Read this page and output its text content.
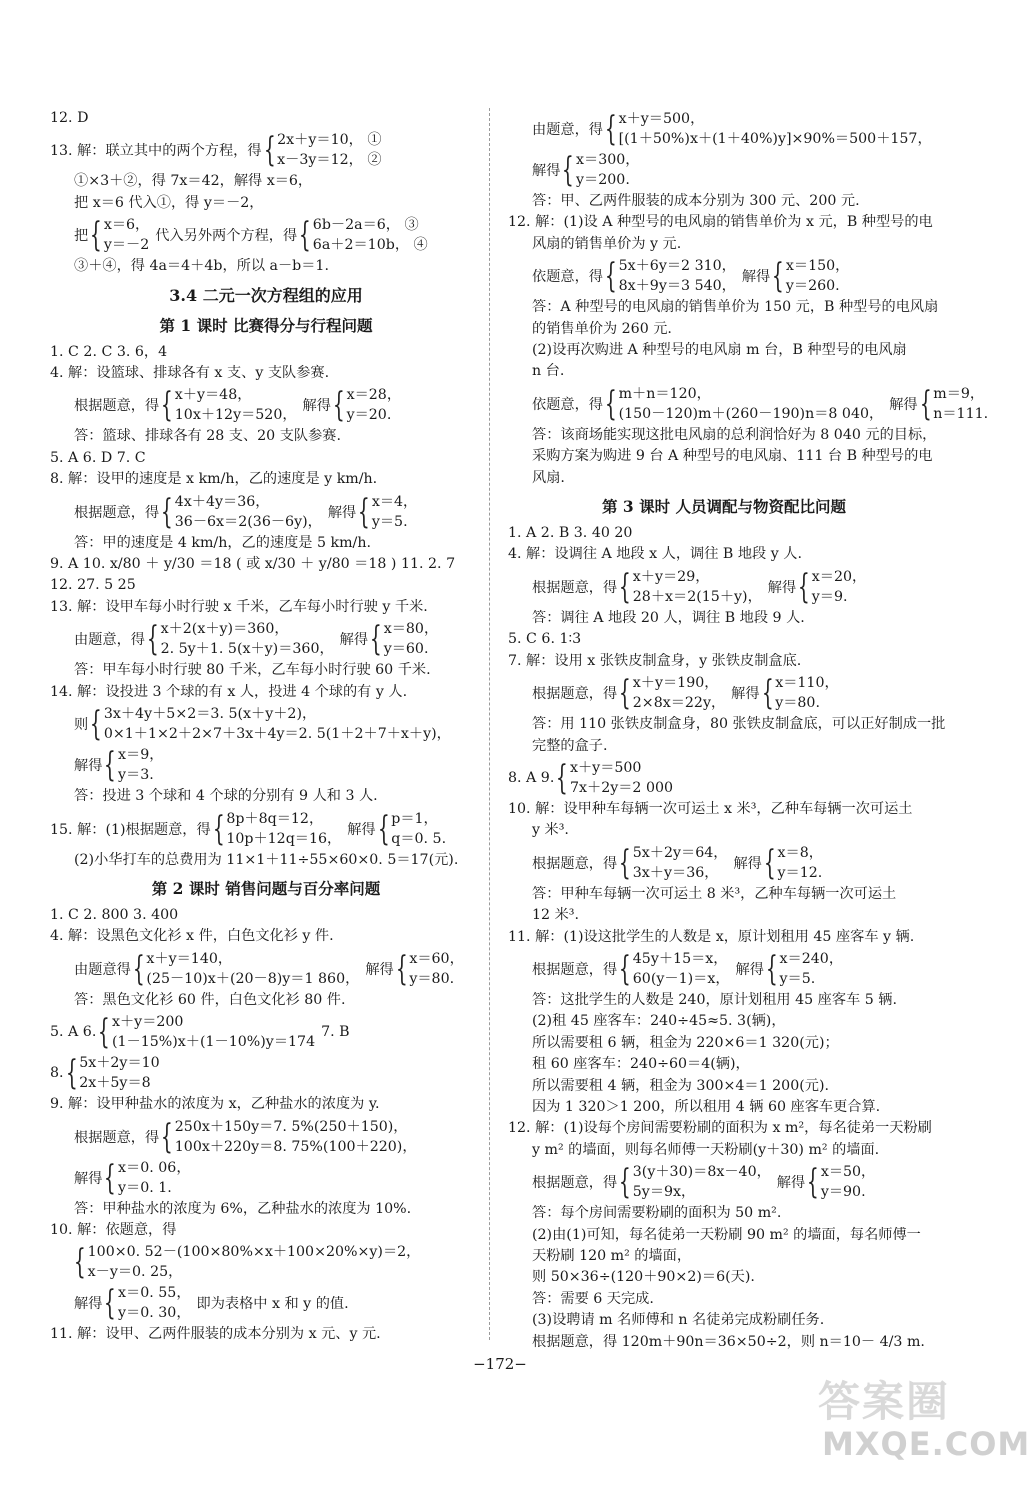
12. D
13. 解：联立其中的两个方程，得 { 2x＋y＝10， ①
x－3y＝12， ②
①×3＋②，得 7x＝42，解得 x＝6，
把 x＝6 代入①，得 y＝－2，
把 { x＝6，
y＝－2
代入另外两个方程，得 { 6b－2a＝6， ③
6a＋2＝10b， ④
③＋④，得 4a＝4＋4b，所以 a－b＝1.
3.4 二元一次方程组的应用
第 1 课时 比赛得分与行程问题
1. C 2. C 3. 6，4
4. 解：设篮球、排球各有 x 支、y 支队参赛.
根据题意，得 { x＋y＝48，
10x＋12y＝520，
解得 { x＝28，
y＝20.
答：篮球、排球各有 28 支、20 支队参赛.
5. A 6. D 7. C
8. 解：设甲的速度是 x km/h，乙的速度是 y km/h.
根据题意，得 { 4x＋4y＝36，
36－6x＝2(36－6y)，
解得 { x＝4，
y＝5.
答：甲的速度是 4 km/h，乙的速度是 5 km/h.
9. A 10. x/80 ＋ y/30 ＝18 ( 或 x/30 ＋ y/80 ＝18 ) 11. 2. 7
12. 27. 5 25
13. 解：设甲车每小时行驶 x 千米，乙车每小时行驶 y 千米.
由题意，得 { x＋2(x＋y)＝360，
2. 5y＋1. 5(x＋y)＝360，
解得 { x＝80，
y＝60.
答：甲车每小时行驶 80 千米，乙车每小时行驶 60 千米.
14. 解：设投进 3 个球的有 x 人，投进 4 个球的有 y 人.
则 { 3x＋4y＋5×2＝3. 5(x＋y＋2)，
0×1＋1×2＋2×7＋3x＋4y＝2. 5(1＋2＋7＋x＋y)，
解得 { x＝9，
y＝3.
答：投进 3 个球和 4 个球的分别有 9 人和 3 人.
15. 解：(1)根据题意，得 { 8p＋8q＝12，
10p＋12q＝16，
解得 { p＝1，
q＝0. 5.
(2)小华打车的总费用为 11×1＋11÷55×60×0. 5＝17(元).
第 2 课时 销售问题与百分率问题
1. C 2. 800 3. 400
4. 解：设黑色文化衫 x 件，白色文化衫 y 件.
由题意得 { x＋y＝140，
(25－10)x＋(20－8)y＝1 860，
解得 { x＝60，
y＝80.
答：黑色文化衫 60 件，白色文化衫 80 件.
5. A 6. { x＋y＝200
(1－15%)x＋(1－10%)y＝174
7. B
8. { 5x＋2y＝10
2x＋5y＝8
9. 解：设甲种盐水的浓度为 x，乙种盐水的浓度为 y.
根据题意，得 { 250x＋150y＝7. 5%(250＋150)，
100x＋220y＝8. 75%(100＋220)，
解得 { x＝0. 06，
y＝0. 1.
答：甲种盐水的浓度为 6%，乙种盐水的浓度为 10%.
10. 解：依题意，得
{ 100×0. 52－(100×80%×x＋100×20%×y)＝2，
x－y＝0. 25，
解得 { x＝0. 55，
y＝0. 30，
即为表格中 x 和 y 的值.
11. 解：设甲、乙两件服装的成本分别为 x 元、y 元.
由题意，得 { x＋y＝500，
[(1＋50%)x＋(1＋40%)y]×90%＝500＋157，
解得 { x＝300，
y＝200.
答：甲、乙两件服装的成本分别为 300 元、200 元.
12. 解：(1)设 A 种型号的电风扇的销售单价为 x 元，B 种型号的电
风扇的销售单价为 y 元.
依题意，得 { 5x＋6y＝2 310，
8x＋9y＝3 540，
解得 { x＝150，
y＝260.
答：A 种型号的电风扇的销售单价为 150 元，B 种型号的电风扇
的销售单价为 260 元.
(2)设再次购进 A 种型号的电风扇 m 台，B 种型号的电风扇
n 台.
依题意，得 { m＋n＝120，
(150－120)m＋(260－190)n＝8 040，
解得 { m＝9，
n＝111.
答：该商场能实现这批电风扇的总利润恰好为 8 040 元的目标，
采购方案为购进 9 台 A 种型号的电风扇、111 台 B 种型号的电
风扇.
第 3 课时 人员调配与物资配比问题
1. A 2. B 3. 40 20
4. 解：设调往 A 地段 x 人，调往 B 地段 y 人.
根据题意，得 { x＋y＝29，
28＋x＝2(15＋y)，
解得 { x＝20，
y＝9.
答：调往 A 地段 20 人，调往 B 地段 9 人.
5. C 6. 1∶3
7. 解：设用 x 张铁皮制盒身，y 张铁皮制盒底.
根据题意，得 { x＋y＝190，
2×8x＝22y，
解得 { x＝110，
y＝80.
答：用 110 张铁皮制盒身，80 张铁皮制盒底，可以正好制成一批
完整的盒子.
8. A 9. { x＋y＝500
7x＋2y＝2 000
10. 解：设甲种车每辆一次可运土 x 米³，乙种车每辆一次可运土
y 米³.
根据题意，得 { 5x＋2y＝64，
3x＋y＝36，
解得 { x＝8，
y＝12.
答：甲种车每辆一次可运土 8 米³，乙种车每辆一次可运土
12 米³.
11. 解：(1)设这批学生的人数是 x，原计划租用 45 座客车 y 辆.
根据题意，得 { 45y＋15＝x，
60(y－1)＝x，
解得 { x＝240，
y＝5.
答：这批学生的人数是 240，原计划租用 45 座客车 5 辆.
(2)租 45 座客车：240÷45≈5. 3(辆)，
所以需要租 6 辆，租金为 220×6＝1 320(元)；
租 60 座客车：240÷60＝4(辆)，
所以需要租 4 辆，租金为 300×4＝1 200(元).
因为 1 320＞1 200，所以租用 4 辆 60 座客车更合算.
12. 解：(1)设每个房间需要粉刷的面积为 x m²，每名徒弟一天粉刷
y m² 的墙面，则每名师傅一天粉刷(y＋30) m² 的墙面.
根据题意，得 { 3(y＋30)＝8x－40，
5y＝9x，
解得 { x＝50，
y＝90.
答：每个房间需要粉刷的面积为 50 m².
(2)由(1)可知，每名徒弟一天粉刷 90 m² 的墙面，每名师傅一
天粉刷 120 m² 的墙面，
则 50×36÷(120＋90×2)＝6(天).
答：需要 6 天完成.
(3)设聘请 m 名师傅和 n 名徒弟完成粉刷任务.
根据题意，得 120m＋90n＝36×50÷2，则 n＝10－ 4/3 m.
−172−
答案圈
MXQE.COM
